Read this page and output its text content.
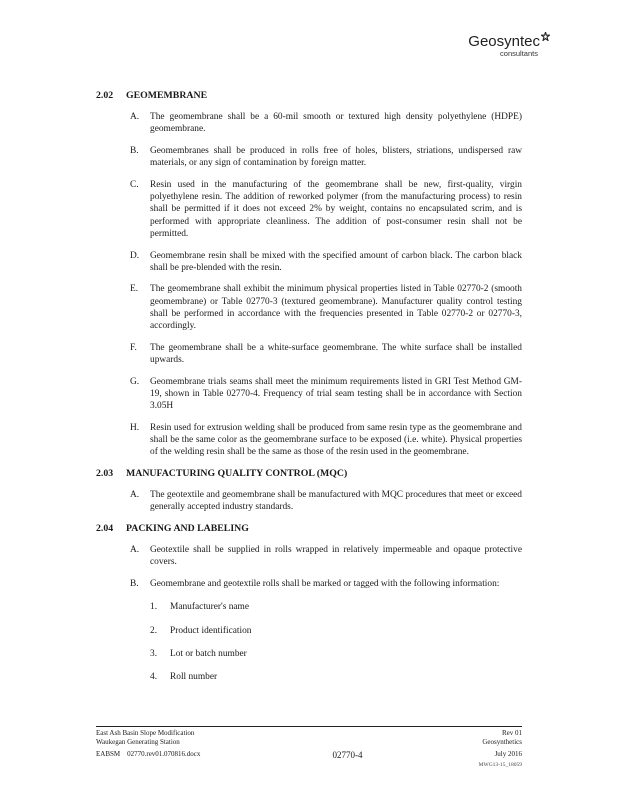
Geosyntec
consultants
2.02	GEOMEMBRANE
A.	The geomembrane shall be a 60-mil smooth or textured high density polyethylene (HDPE) geomembrane.
B.	Geomembranes shall be produced in rolls free of holes, blisters, striations, undispersed raw materials, or any sign of contamination by foreign matter.
C.	Resin used in the manufacturing of the geomembrane shall be new, first-quality, virgin polyethylene resin. The addition of reworked polymer (from the manufacturing process) to resin shall be permitted if it does not exceed 2% by weight, contains no encapsulated scrim, and is performed with appropriate cleanliness. The addition of post-consumer resin shall not be permitted.
D.	Geomembrane resin shall be mixed with the specified amount of carbon black. The carbon black shall be pre-blended with the resin.
E.	The geomembrane shall exhibit the minimum physical properties listed in Table 02770-2 (smooth geomembrane) or Table 02770-3 (textured geomembrane). Manufacturer quality control testing shall be performed in accordance with the frequencies presented in Table 02770-2 or 02770-3, accordingly.
F.	The geomembrane shall be a white-surface geomembrane. The white surface shall be installed upwards.
G.	Geomembrane trials seams shall meet the minimum requirements listed in GRI Test Method GM-19, shown in Table 02770-4. Frequency of trial seam testing shall be in accordance with Section 3.05H
H.	Resin used for extrusion welding shall be produced from same resin type as the geomembrane and shall be the same color as the geomembrane surface to be exposed (i.e. white). Physical properties of the welding resin shall be the same as those of the resin used in the geomembrane.
2.03	MANUFACTURING QUALITY CONTROL (MQC)
A.	The geotextile and geomembrane shall be manufactured with MQC procedures that meet or exceed generally accepted industry standards.
2.04	PACKING AND LABELING
A.	Geotextile shall be supplied in rolls wrapped in relatively impermeable and opaque protective covers.
B.	Geomembrane and geotextile rolls shall be marked or tagged with the following information:
1.	Manufacturer's name
2.	Product identification
3.	Lot or batch number
4.	Roll number
East Ash Basin Slope Modification	Rev 01
Waukegan Generating Station	Geosynthetics
EABSM    02770.rev01.070816.docx	02770-4	July 2016
MWG13-15_18059
